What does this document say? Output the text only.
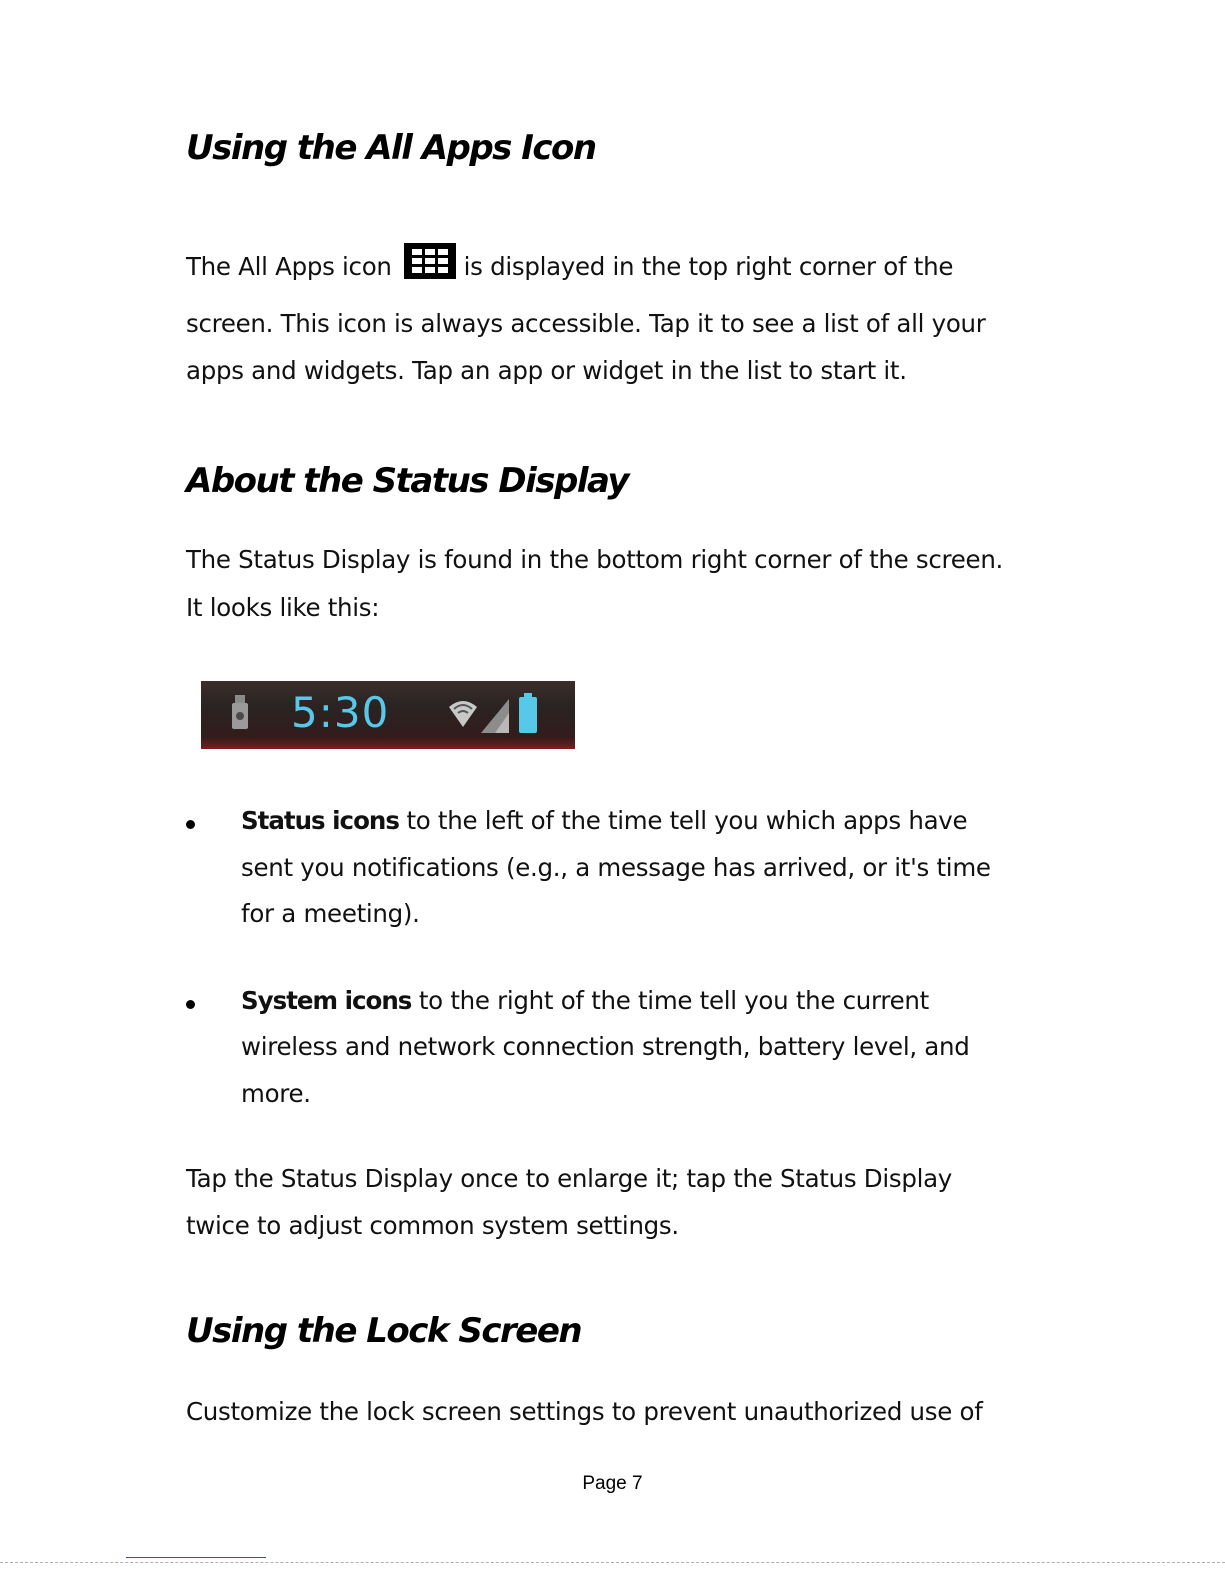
Using the All Apps Icon

The All Apps icon	is displayed in the top right corner of the

screen. This icon is always accessible. Tap it to see a list of all your

apps and widgets. Tap an app or widget in the list to start it.

About the Status Display

The Status Display is found in the bottom right corner of the screen.

It looks like this:

5:30

Status icons to the left of the time tell you which apps have

sent you notifications (e.g., a message has arrived, or it's time

for a meeting).

System icons to the right of the time tell you the current

wireless and network connection strength, battery level, and

more.

Tap the Status Display once to enlarge it; tap the Status Display

twice to adjust common system settings.

Using the Lock Screen

Customize the lock screen settings to prevent unauthorized use of

Page 7
